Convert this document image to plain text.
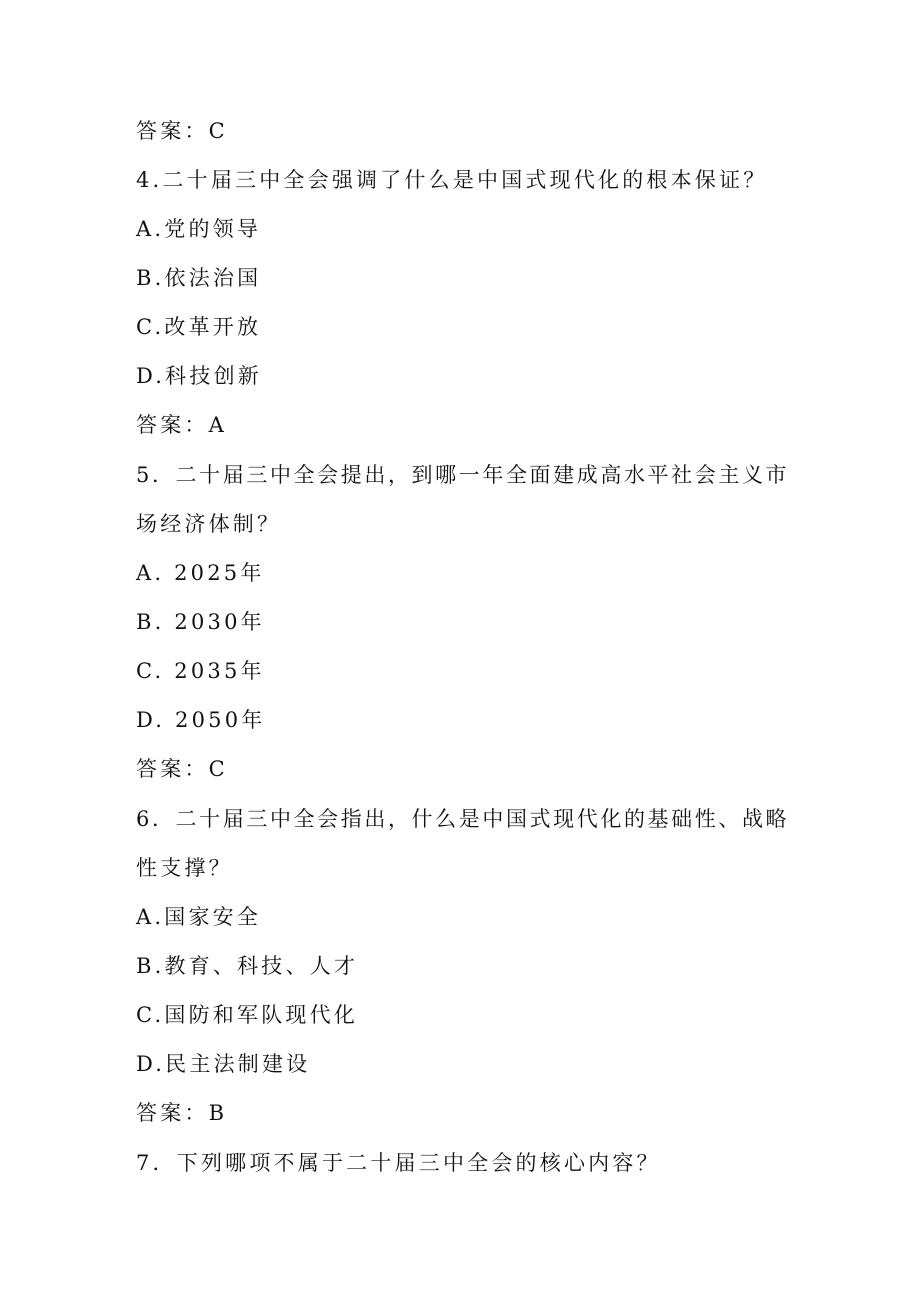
答案：C
4.二十届三中全会强调了什么是中国式现代化的根本保证？
A.党的领导
B.依法治国
C.改革开放
D.科技创新
答案：A
5．二十届三中全会提出，到哪一年全面建成高水平社会主义市
场经济体制？
A. 2025年
B. 2030年
C. 2035年
D. 2050年
答案：C
6．二十届三中全会指出，什么是中国式现代化的基础性、战略
性支撑？
A.国家安全
B.教育、科技、人才
C.国防和军队现代化
D.民主法制建设
答案：B
7．下列哪项不属于二十届三中全会的核心内容？
